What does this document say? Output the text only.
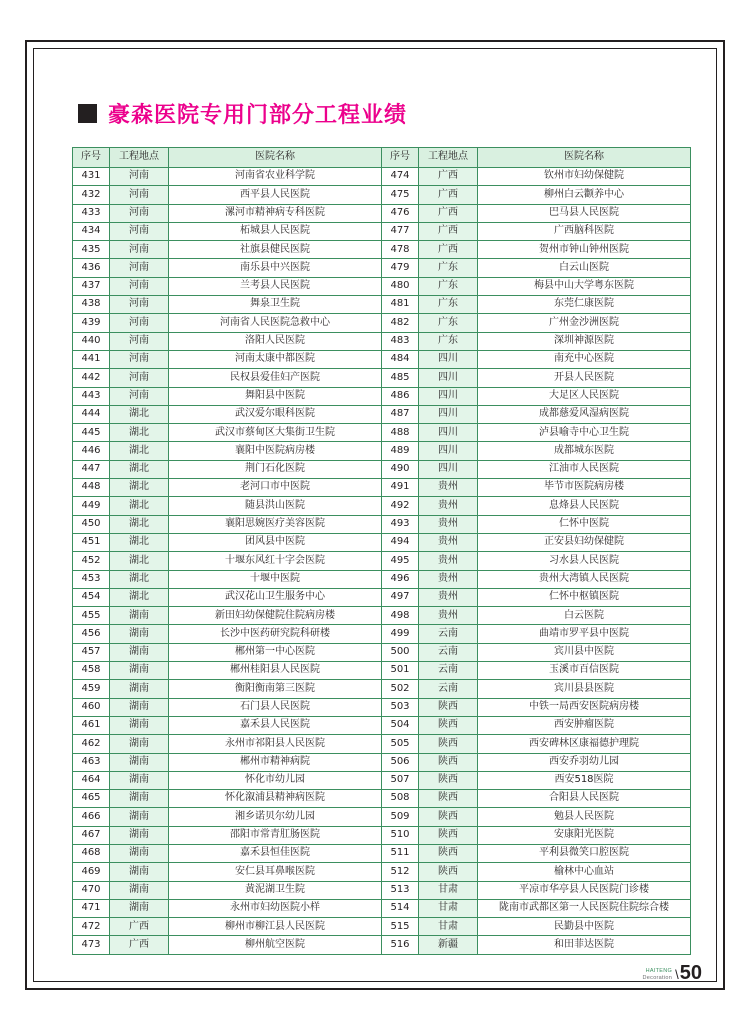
豪森医院专用门部分工程业绩
序号	工程地点	医院名称	序号	工程地点	医院名称
431	河南	河南省农业科学院	474	广西	钦州市妇幼保健院
432	河南	西平县人民医院	475	广西	柳州白云颧养中心
433	河南	漯河市精神病专科医院	476	广西	巴马县人民医院
434	河南	柘城县人民医院	477	广西	广西脑科医院
435	河南	社旗县健民医院	478	广西	贺州市钟山钟州医院
436	河南	南乐县中兴医院	479	广东	白云山医院
437	河南	兰考县人民医院	480	广东	梅县中山大学粤东医院
438	河南	舞泉卫生院	481	广东	东莞仁康医院
439	河南	河南省人民医院急救中心	482	广东	广州金沙洲医院
440	河南	洛阳人民医院	483	广东	深圳神源医院
441	河南	河南太康中都医院	484	四川	南充中心医院
442	河南	民权县爱佳妇产医院	485	四川	开县人民医院
443	河南	舞阳县中医院	486	四川	大足区人民医院
444	湖北	武汉爱尔眼科医院	487	四川	成都慈爱风湿病医院
445	湖北	武汉市蔡甸区大集街卫生院	488	四川	泸县喻寺中心卫生院
446	湖北	襄阳中医院病房楼	489	四川	成都城东医院
447	湖北	荆门石化医院	490	四川	江油市人民医院
448	湖北	老河口市中医院	491	贵州	毕节市医院病房楼
449	湖北	随县洪山医院	492	贵州	息烽县人民医院
450	湖北	襄阳思婉医疗美容医院	493	贵州	仁怀中医院
451	湖北	团风县中医院	494	贵州	正安县妇幼保健院
452	湖北	十堰东风红十字会医院	495	贵州	习水县人民医院
453	湖北	十堰中医院	496	贵州	贵州大湾镇人民医院
454	湖北	武汉花山卫生服务中心	497	贵州	仁怀中枢镇医院
455	湖南	新田妇幼保健院住院病房楼	498	贵州	白云医院
456	湖南	长沙中医药研究院科研楼	499	云南	曲靖市罗平县中医院
457	湖南	郴州第一中心医院	500	云南	宾川县中医院
458	湖南	郴州桂阳县人民医院	501	云南	玉溪市百信医院
459	湖南	衡阳衡南第三医院	502	云南	宾川县县医院
460	湖南	石门县人民医院	503	陕西	中铁一局西安医院病房楼
461	湖南	嘉禾县人民医院	504	陕西	西安肿瘤医院
462	湖南	永州市祁阳县人民医院	505	陕西	西安碑林区康福德护理院
463	湖南	郴州市精神病院	506	陕西	西安乔羽幼儿园
464	湖南	怀化市幼儿园	507	陕西	西安518医院
465	湖南	怀化溆浦县精神病医院	508	陕西	合阳县人民医院
466	湖南	湘乡诺贝尔幼儿园	509	陕西	勉县人民医院
467	湖南	邵阳市常青肛肠医院	510	陕西	安康阳光医院
468	湖南	嘉禾县恒佳医院	511	陕西	平利县微笑口腔医院
469	湖南	安仁县耳鼻喉医院	512	陕西	榆林中心血站
470	湖南	黄泥湖卫生院	513	甘肃	平凉市华亭县人民医院门诊楼
471	湖南	永州市妇幼医院小样	514	甘肃	陇南市武都区第一人民医院住院综合楼
472	广西	柳州市柳江县人民医院	515	甘肃	民勤县中医院
473	广西	柳州航空医院	516	新疆	和田菲达医院
HAITENG
Decoration \ 50
